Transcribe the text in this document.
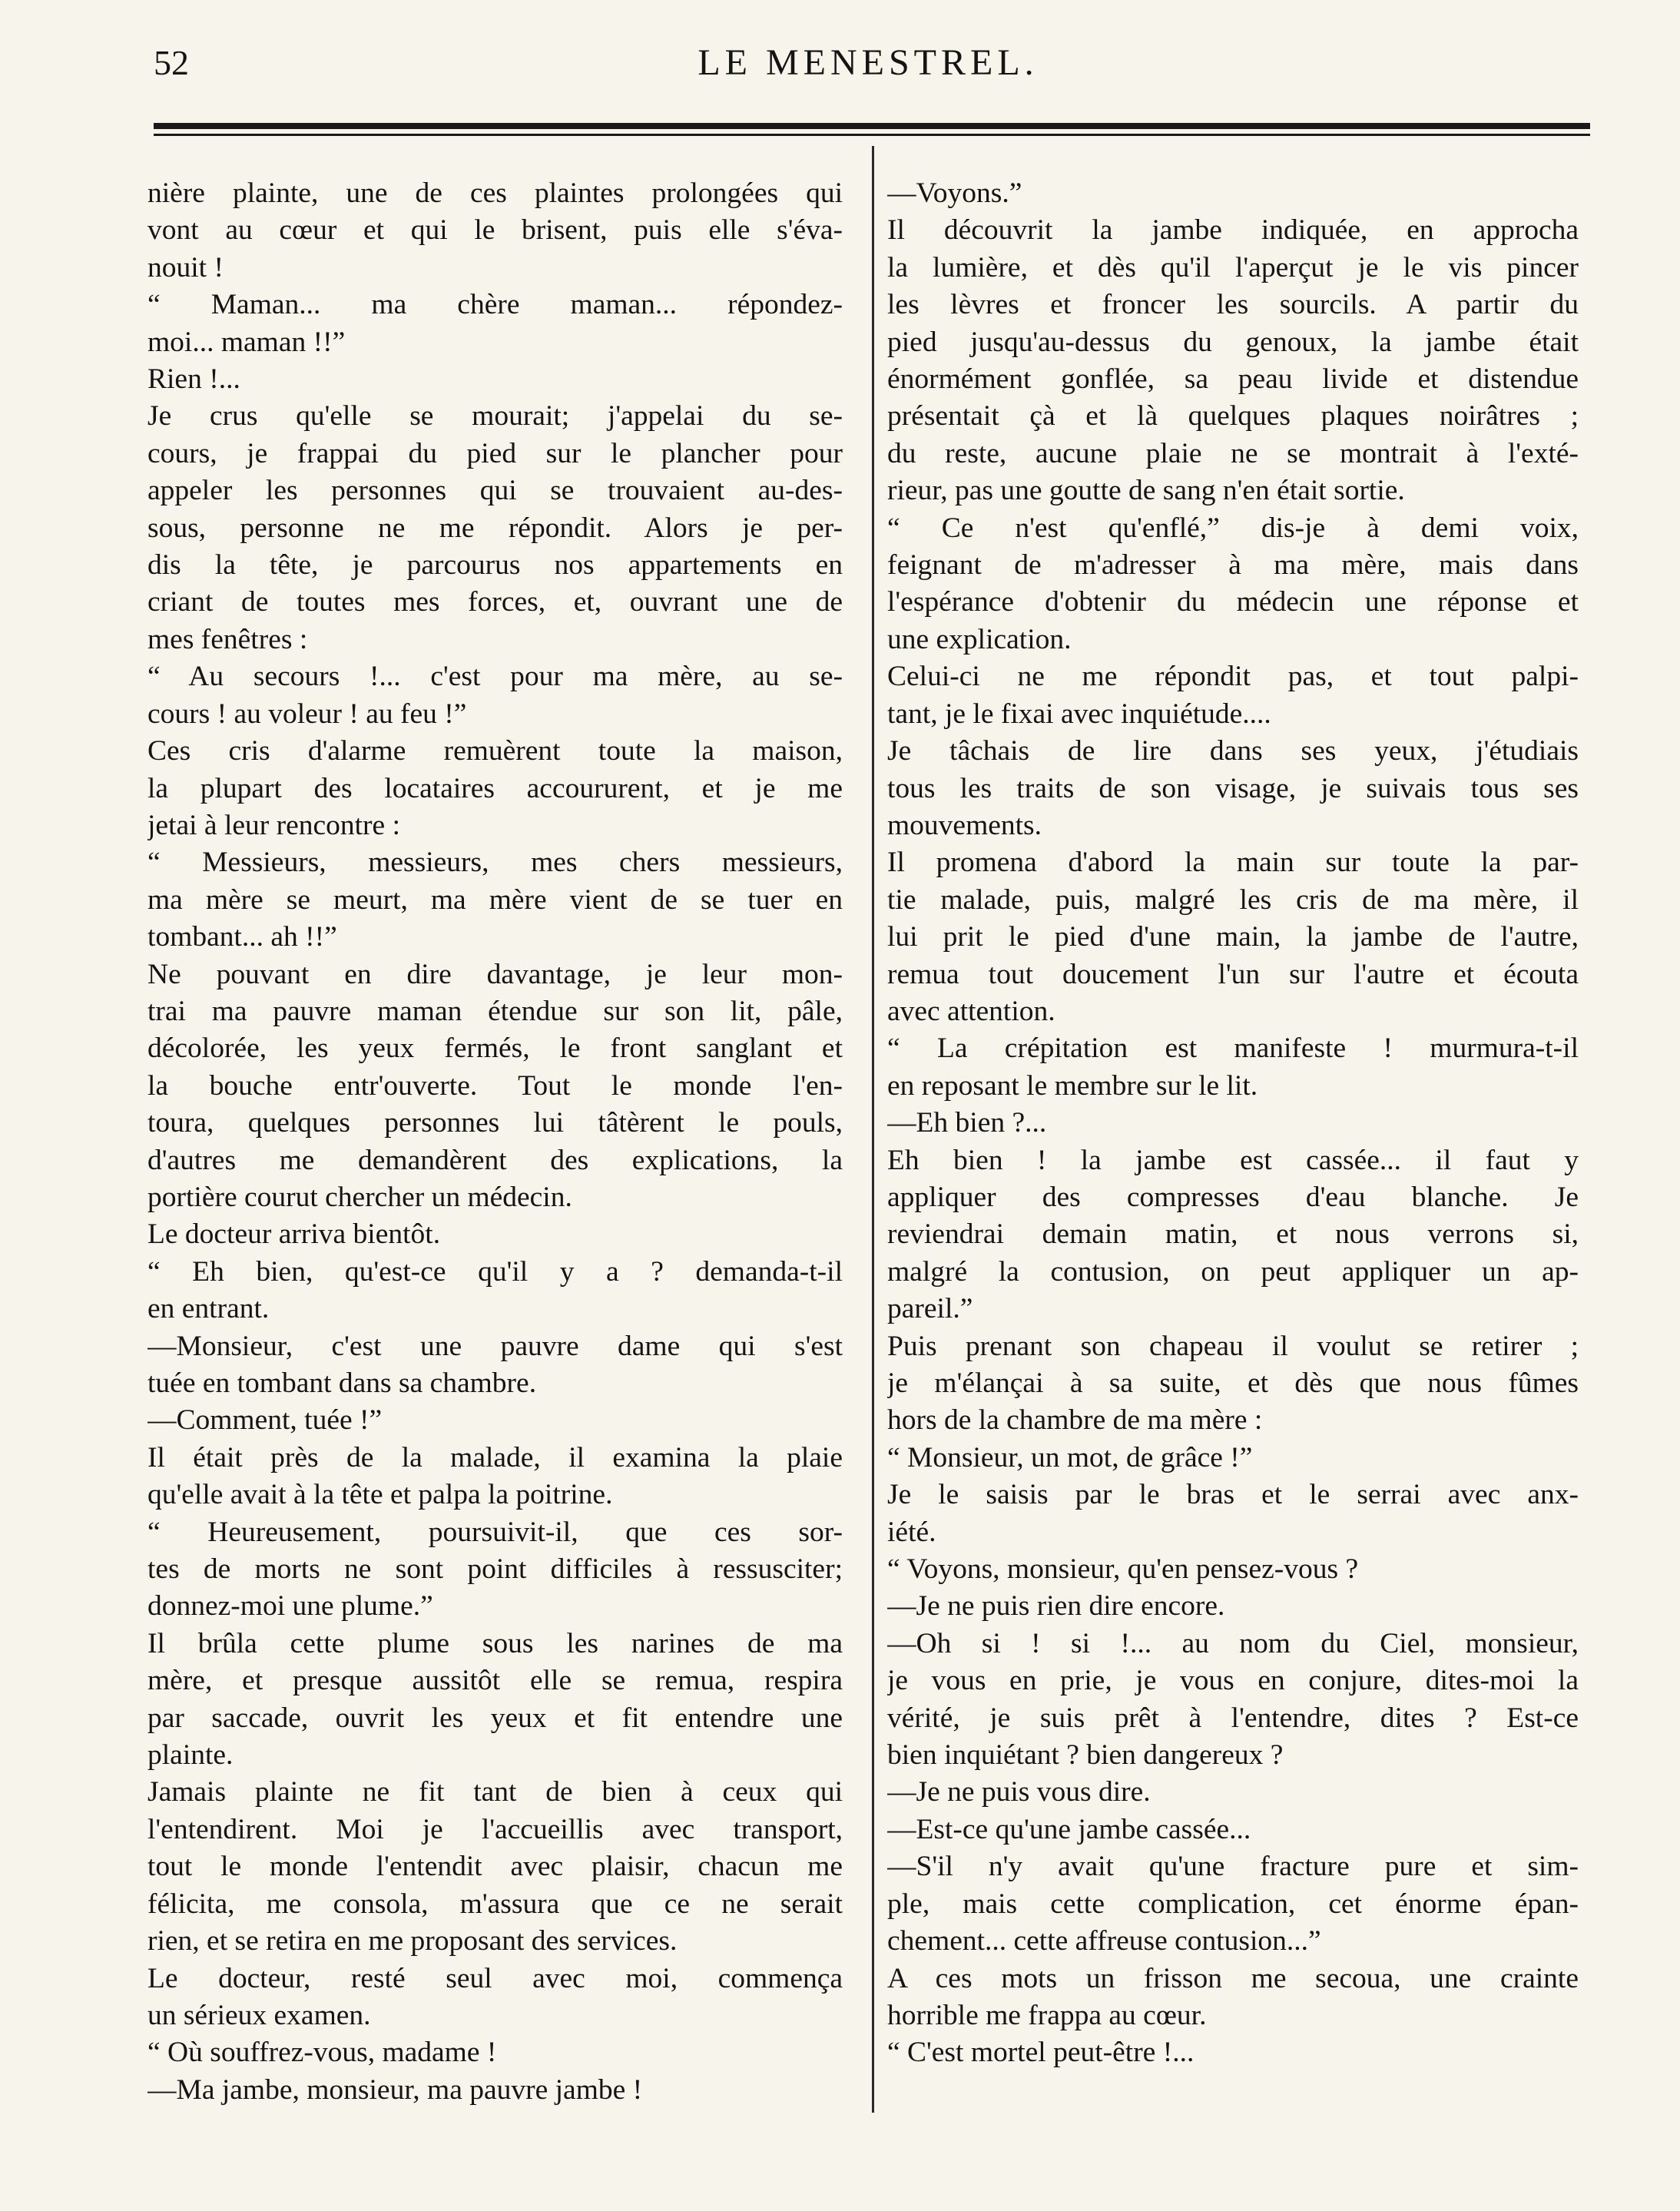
52	LE MENESTREL.
nière plainte, une de ces plaintes prolongées qui
vont au cœur et qui le brisent, puis elle s'éva-
nouit !
“ Maman... ma chère maman... répondez-
moi... maman !!”
Rien !...
Je crus qu'elle se mourait; j'appelai du se-
cours, je frappai du pied sur le plancher pour
appeler les personnes qui se trouvaient au-des-
sous, personne ne me répondit. Alors je per-
dis la tête, je parcourus nos appartements en
criant de toutes mes forces, et, ouvrant une de
mes fenêtres :
“ Au secours !... c'est pour ma mère, au se-
cours ! au voleur ! au feu !”
Ces cris d'alarme remuèrent toute la maison,
la plupart des locataires accoururent, et je me
jetai à leur rencontre :
“ Messieurs, messieurs, mes chers messieurs,
ma mère se meurt, ma mère vient de se tuer en
tombant... ah !!”
Ne pouvant en dire davantage, je leur mon-
trai ma pauvre maman étendue sur son lit, pâle,
décolorée, les yeux fermés, le front sanglant et
la bouche entr'ouverte. Tout le monde l'en-
toura, quelques personnes lui tâtèrent le pouls,
d'autres me demandèrent des explications, la
portière courut chercher un médecin.
Le docteur arriva bientôt.
“ Eh bien, qu'est-ce qu'il y a ? demanda-t-il
en entrant.
—Monsieur, c'est une pauvre dame qui s'est
tuée en tombant dans sa chambre.
—Comment, tuée !”
Il était près de la malade, il examina la plaie
qu'elle avait à la tête et palpa la poitrine.
“ Heureusement, poursuivit-il, que ces sor-
tes de morts ne sont point difficiles à ressusciter;
donnez-moi une plume.”
Il brûla cette plume sous les narines de ma
mère, et presque aussitôt elle se remua, respira
par saccade, ouvrit les yeux et fit entendre une
plainte.
Jamais plainte ne fit tant de bien à ceux qui
l'entendirent. Moi je l'accueillis avec transport,
tout le monde l'entendit avec plaisir, chacun me
félicita, me consola, m'assura que ce ne serait
rien, et se retira en me proposant des services.
Le docteur, resté seul avec moi, commença
un sérieux examen.
“ Où souffrez-vous, madame !
—Ma jambe, monsieur, ma pauvre jambe !
—Voyons.”
Il découvrit la jambe indiquée, en approcha
la lumière, et dès qu'il l'aperçut je le vis pincer
les lèvres et froncer les sourcils. A partir du
pied jusqu'au-dessus du genoux, la jambe était
énormément gonflée, sa peau livide et distendue
présentait çà et là quelques plaques noirâtres ;
du reste, aucune plaie ne se montrait à l'exté-
rieur, pas une goutte de sang n'en était sortie.
“ Ce n'est qu'enflé,” dis-je à demi voix,
feignant de m'adresser à ma mère, mais dans
l'espérance d'obtenir du médecin une réponse et
une explication.
Celui-ci ne me répondit pas, et tout palpi-
tant, je le fixai avec inquiétude....
Je tâchais de lire dans ses yeux, j'étudiais
tous les traits de son visage, je suivais tous ses
mouvements.
Il promena d'abord la main sur toute la par-
tie malade, puis, malgré les cris de ma mère, il
lui prit le pied d'une main, la jambe de l'autre,
remua tout doucement l'un sur l'autre et écouta
avec attention.
“ La crépitation est manifeste ! murmura-t-il
en reposant le membre sur le lit.
—Eh bien ?...
Eh bien ! la jambe est cassée... il faut y
appliquer des compresses d'eau blanche. Je
reviendrai demain matin, et nous verrons si,
malgré la contusion, on peut appliquer un ap-
pareil.”
Puis prenant son chapeau il voulut se retirer ;
je m'élançai à sa suite, et dès que nous fûmes
hors de la chambre de ma mère :
“ Monsieur, un mot, de grâce !”
Je le saisis par le bras et le serrai avec anx-
iété.
“ Voyons, monsieur, qu'en pensez-vous ?
—Je ne puis rien dire encore.
—Oh si ! si !... au nom du Ciel, monsieur,
je vous en prie, je vous en conjure, dites-moi la
vérité, je suis prêt à l'entendre, dites ? Est-ce
bien inquiétant ? bien dangereux ?
—Je ne puis vous dire.
—Est-ce qu'une jambe cassée...
—S'il n'y avait qu'une fracture pure et sim-
ple, mais cette complication, cet énorme épan-
chement... cette affreuse contusion...”
A ces mots un frisson me secoua, une crainte
horrible me frappa au cœur.
“ C'est mortel peut-être !...
